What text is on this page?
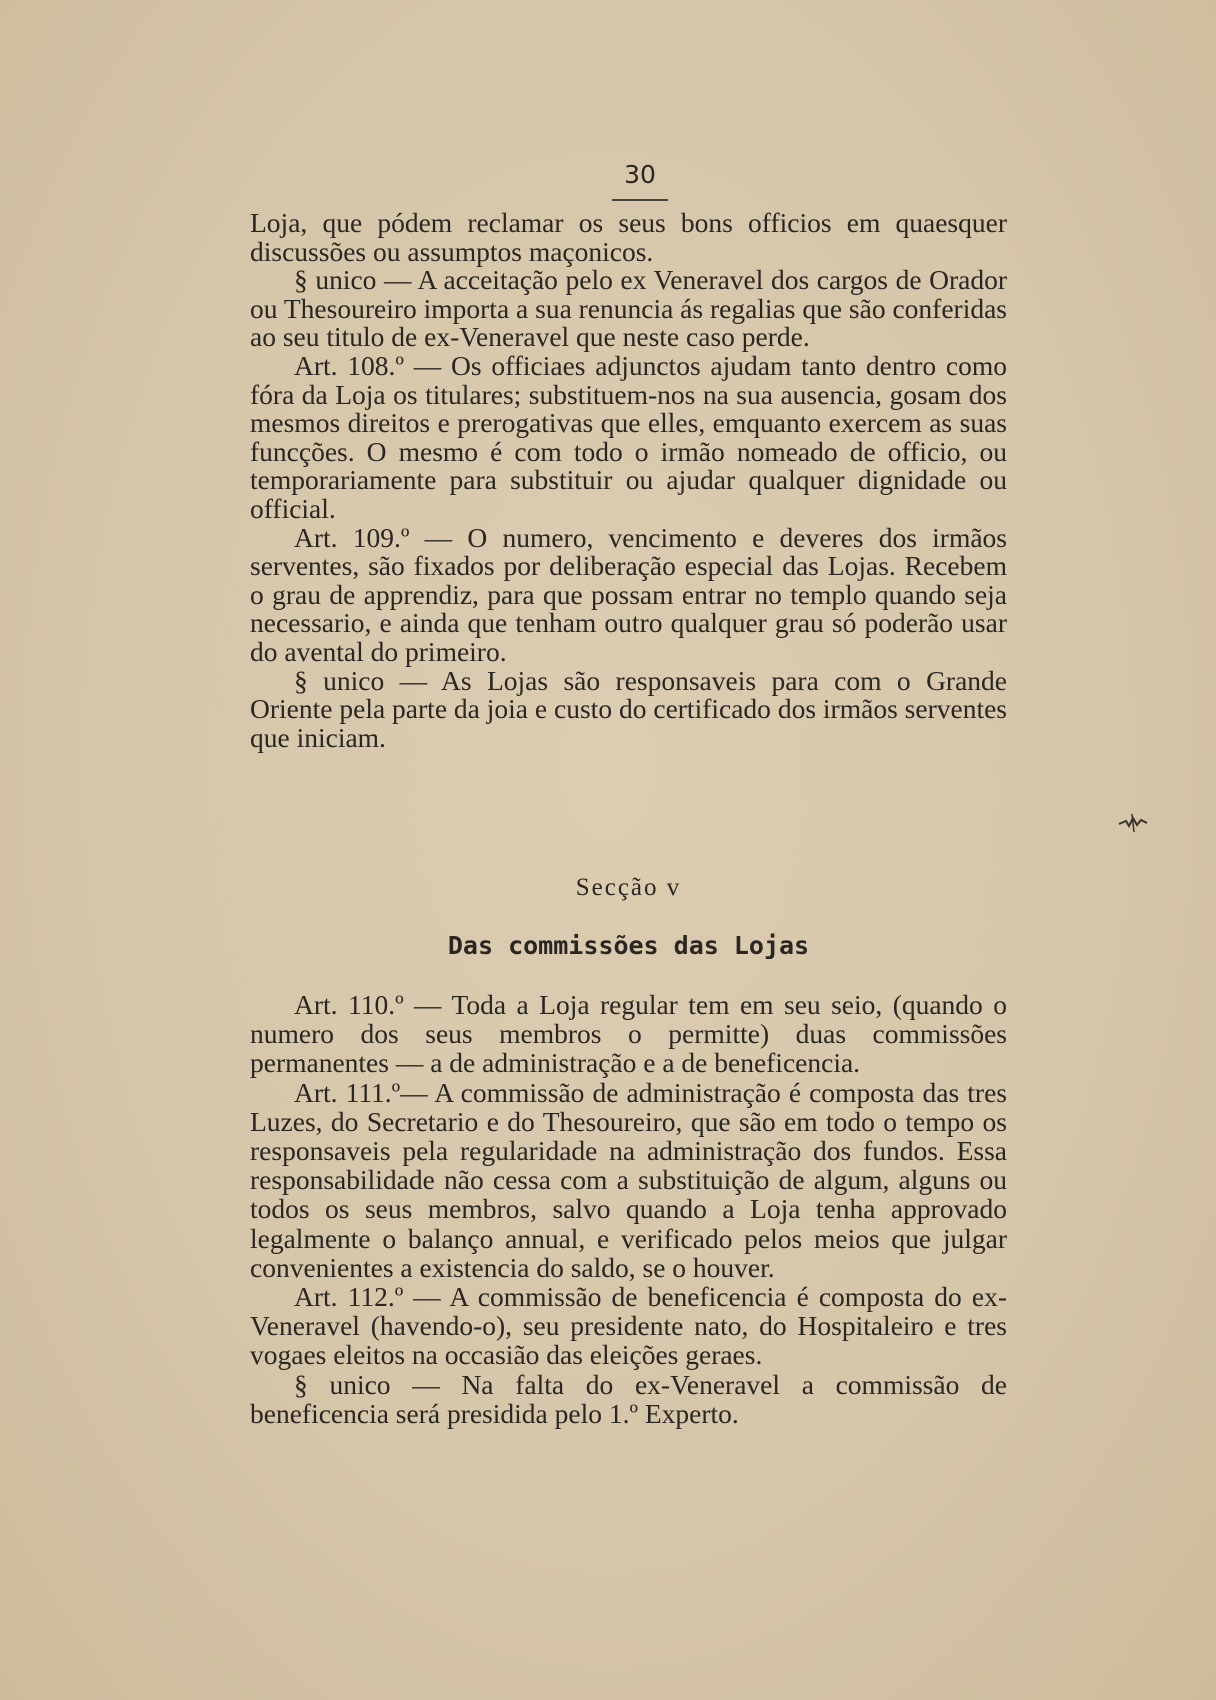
30

Loja, que pódem reclamar os seus bons officios em quaesquer discussões ou assumptos maçonicos.

§ unico — A acceitação pelo ex Veneravel dos cargos de Orador ou Thesoureiro importa a sua renuncia ás regalias que são conferidas ao seu titulo de ex-Veneravel que neste caso perde.

Art. 108.º — Os officiaes adjunctos ajudam tanto dentro como fóra da Loja os titulares; substituem-nos na sua ausencia, gosam dos mesmos direitos e prerogativas que elles, emquanto exercem as suas funcções. O mesmo é com todo o irmão nomeado de officio, ou temporariamente para substituir ou ajudar qualquer dignidade ou official.

Art. 109.º — O numero, vencimento e deveres dos irmãos serventes, são fixados por deliberação especial das Lojas. Recebem o grau de apprendiz, para que possam entrar no templo quando seja necessario, e ainda que tenham outro qualquer grau só poderão usar do avental do primeiro.

§ unico — As Lojas são responsaveis para com o Grande Oriente pela parte da joia e custo do certificado dos irmãos serventes que iniciam.

Secção v
Das commissões das Lojas

Art. 110.º — Toda a Loja regular tem em seu seio, (quando o numero dos seus membros o permitte) duas commissões permanentes — a de administração e a de beneficencia.

Art. 111.º— A commissão de administração é composta das tres Luzes, do Secretario e do Thesoureiro, que são em todo o tempo os responsaveis pela regularidade na administração dos fundos. Essa responsabilidade não cessa com a substituição de algum, alguns ou todos os seus membros, salvo quando a Loja tenha approvado legalmente o balanço annual, e verificado pelos meios que julgar convenientes a existencia do saldo, se o houver.

Art. 112.º — A commissão de beneficencia é composta do ex-Veneravel (havendo-o), seu presidente nato, do Hospitaleiro e tres vogaes eleitos na occasião das eleições geraes.

§ unico — Na falta do ex-Veneravel a commissão de beneficencia será presidida pelo 1.º Experto.
